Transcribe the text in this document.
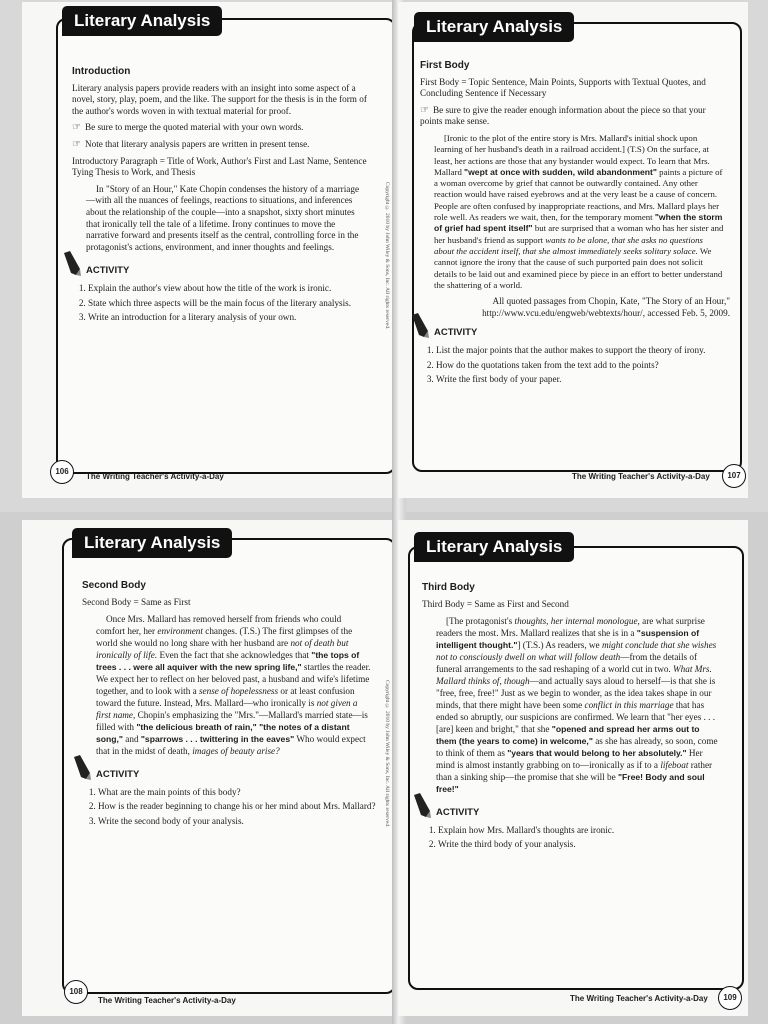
Literary Analysis
Introduction

Literary analysis papers provide readers with an insight into some aspect of a novel, story, play, poem, and the like. The support for the thesis is in the form of the author's words woven in with textual material for proof.

☞ Be sure to merge the quoted material with your own words.

☞ Note that literary analysis papers are written in present tense.

Introductory Paragraph = Title of Work, Author's First and Last Name, Sentence Tying Thesis to Work, and Thesis

In "Story of an Hour," Kate Chopin condenses the history of a marriage—with all the nuances of feelings, reactions to situations, and inferences about the relationship of the couple—into a snapshot, sixty short minutes that ironically tell the tale of a lifetime. Irony continues to move the narrative forward and presents itself as the central, controlling force in the protagonist's actions, environment, and inner thoughts and feelings.

ACTIVITY
1. Explain the author's view about how the title of the work is ironic.
2. State which three aspects will be the main focus of the literary analysis.
3. Write an introduction for a literary analysis of your own.
106
The Writing Teacher's Activity-a-Day
Copyright © 2010 by John Wiley & Sons, Inc. All rights reserved.
Literary Analysis
First Body

First Body = Topic Sentence, Main Points, Supports with Textual Quotes, and Concluding Sentence if Necessary

☞ Be sure to give the reader enough information about the piece so that your points make sense.

[Ironic to the plot of the entire story is Mrs. Mallard's initial shock upon learning of her husband's death in a railroad accident.] (T.S) On the surface, at least, her actions are those that any bystander would expect. To learn that Mrs. Mallard "wept at once with sudden, wild abandonment" paints a picture of a woman overcome by grief that cannot be outwardly contained. Any other reaction would have raised eyebrows and at the very least be a cause of concern. People are often confused by inappropriate reactions, and Mrs. Mallard plays her role well. As readers we wait, then, for the temporary moment "when the storm of grief had spent itself" but are surprised that a woman who has her sister and her husband's friend as support wants to be alone, that she asks no questions about the accident itself, that she almost immediately seeks solitary solace. We cannot ignore the irony that the cause of such purported pain does not solicit details to be laid out and examined piece by piece in an effort to better understand the shattering of a world.

All quoted passages from Chopin, Kate, "The Story of an Hour," http://www.vcu.edu/engweb/webtexts/hour/, accessed Feb. 5, 2009.

ACTIVITY
1. List the major points that the author makes to support the theory of irony.
2. How do the quotations taken from the text add to the points?
3. Write the first body of your paper.
The Writing Teacher's Activity-a-Day	107
Literary Analysis
Second Body

Second Body = Same as First

Once Mrs. Mallard has removed herself from friends who could comfort her, her environment changes. (T.S.) The first glimpses of the world she would no long share with her husband are not of death but ironically of life. Even the fact that she acknowledges that "the tops of trees . . . were all aquiver with the new spring life," startles the reader. We expect her to reflect on her beloved past, a husband and wife's lifetime together, and to look with a sense of hopelessness or at least confusion toward the future. Instead, Mrs. Mallard—who ironically is not given a first name, Chopin's emphasizing the "Mrs."—Mallard's married state—is filled with "the delicious breath of rain," "the notes of a distant song," and "sparrows . . . twittering in the eaves" Who would expect that in the midst of death, images of beauty arise?

ACTIVITY
1. What are the main points of this body?
2. How is the reader beginning to change his or her mind about Mrs. Mallard?
3. Write the second body of your analysis.
108
The Writing Teacher's Activity-a-Day
Copyright © 2010 by John Wiley & Sons, Inc. All rights reserved.
Literary Analysis
Third Body

Third Body = Same as First and Second

[The protagonist's thoughts, her internal monologue, are what surprise readers the most. Mrs. Mallard realizes that she is in a "suspension of intelligent thought."] (T.S.) As readers, we might conclude that she wishes not to consciously dwell on what will follow death—from the details of funeral arrangements to the sad reshaping of a world cut in two. What Mrs. Mallard thinks of, though—and actually says aloud to herself—is that she is "free, free, free!" Just as we begin to wonder, as the idea takes shape in our minds, that there might have been some conflict in this marriage that has ended so abruptly, our suspicions are confirmed. We learn that "her eyes . . . [are] keen and bright," that she "opened and spread her arms out to them (the years to come) in welcome," as she has already, so soon, come to think of them as "years that would belong to her absolutely." Her mind is almost instantly grabbing on to—ironically as if to a lifeboat rather than a sinking ship—the promise that she will be "Free! Body and soul free!"

ACTIVITY
1. Explain how Mrs. Mallard's thoughts are ironic.
2. Write the third body of your analysis.
The Writing Teacher's Activity-a-Day	109
